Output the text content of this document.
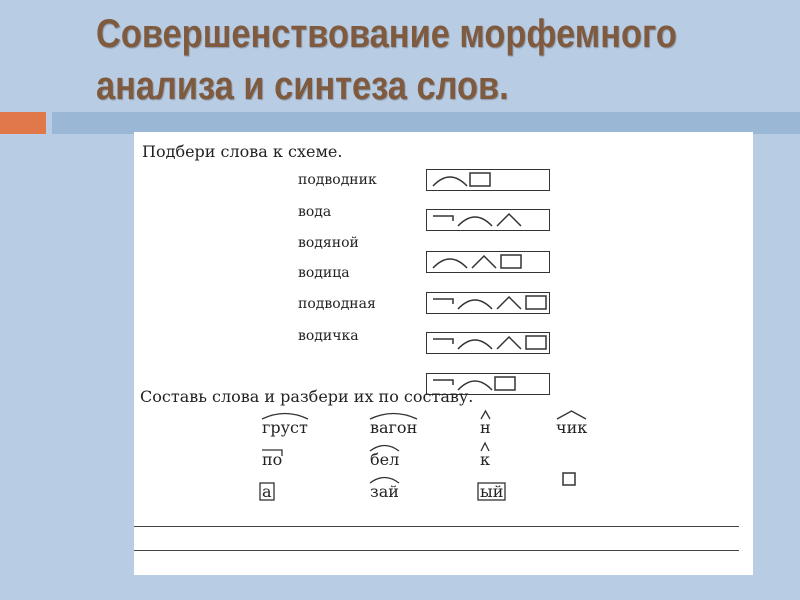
Совершенствование морфемного
анализа и синтеза слов.
Подбери слова к схеме.
подводник
вода
водяной
водица
подводная
водичка
Составь слова и разбери их по составу.
груст	вагон	н	чик
по	бел	к
а	зай	ый
